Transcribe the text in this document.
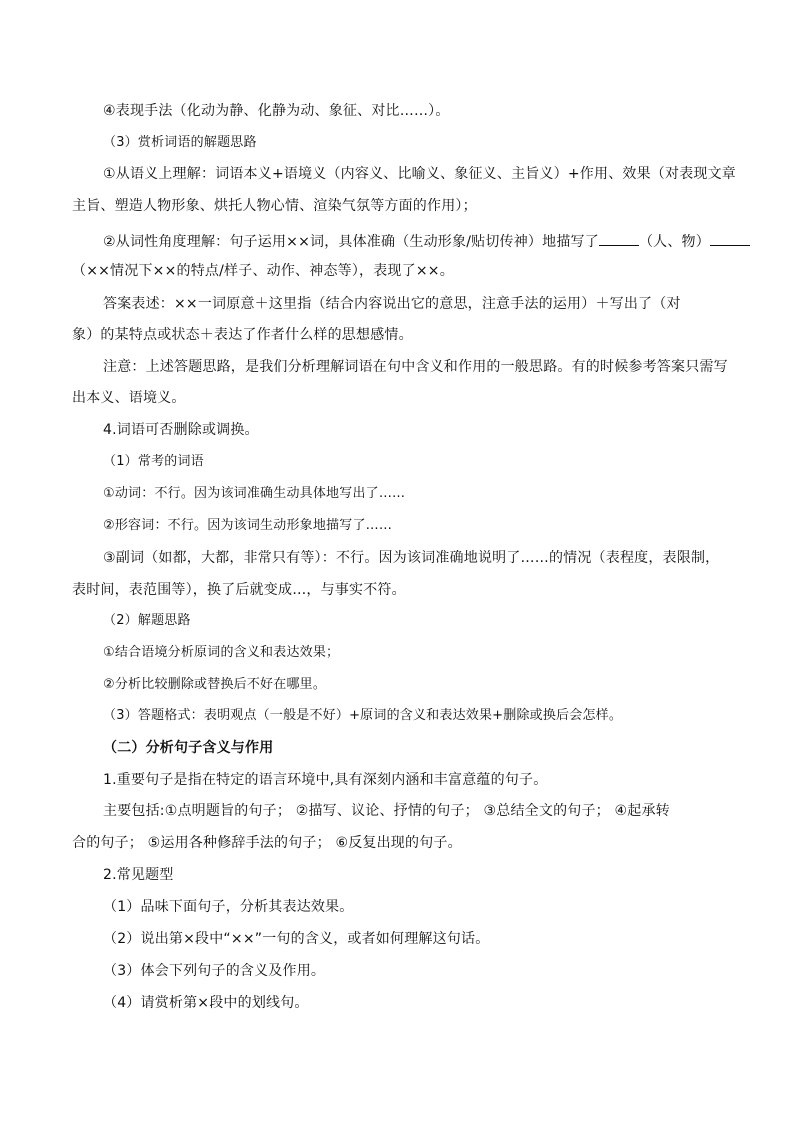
④表现手法（化动为静、化静为动、象征、对比……）。
（3）赏析词语的解题思路
①从语义上理解：词语本义+语境义（内容义、比喻义、象征义、主旨义）+作用、效果（对表现文章
主旨、塑造人物形象、烘托人物心情、渲染气氛等方面的作用）；
②从词性角度理解：句子运用××词，具体准确（生动形象/贴切传神）地描写了	（人、物）
（××情况下××的特点/样子、动作、神态等），表现了××。
答案表述：××一词原意＋这里指（结合内容说出它的意思，注意手法的运用）＋写出了（对
象）的某特点或状态＋表达了作者什么样的思想感情。
注意：上述答题思路，是我们分析理解词语在句中含义和作用的一般思路。有的时候参考答案只需写
出本义、语境义。
4.词语可否删除或调换。
（1）常考的词语
①动词：不行。因为该词准确生动具体地写出了……
②形容词：不行。因为该词生动形象地描写了……
③副词（如都，大都，非常只有等）：不行。因为该词准确地说明了……的情况（表程度，表限制，
表时间，表范围等），换了后就变成…，与事实不符。
（2）解题思路
①结合语境分析原词的含义和表达效果；
②分析比较删除或替换后不好在哪里。
（3）答题格式：表明观点（一般是不好）+原词的含义和表达效果+删除或换后会怎样。
（二）分析句子含义与作用
1.重要句子是指在特定的语言环境中,具有深刻内涵和丰富意蕴的句子。
主要包括:①点明题旨的句子； ②描写、议论、抒情的句子； ③总结全文的句子； ④起承转
合的句子； ⑤运用各种修辞手法的句子； ⑥反复出现的句子。
2.常见题型
（1）品味下面句子，分析其表达效果。
（2）说出第×段中“××”一句的含义，或者如何理解这句话。
（3）体会下列句子的含义及作用。
（4）请赏析第×段中的划线句。
